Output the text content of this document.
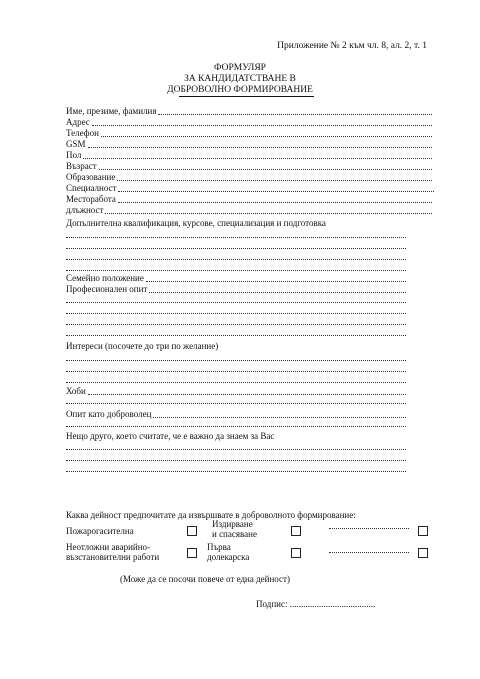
Приложение № 2 към чл. 8, ал. 2, т. 1
ФОРМУЛЯР
ЗА КАНДИДАТСТВАНЕ В
ДОБРОВОЛНО ФОРМИРОВАНИЕ
Име, презиме, фамилия
Адрес
Телефон
GSM
Пол
Възраст
Образование
Специалност
Месторабота
длъжност
Допълнителна квалификация, курсове, специализация и подготовка
Семейно положение
Професионален опит
Интереси (посочете до три по желание)
Хоби
Опит като доброволец
Нещо друго, което считате, че е важно да знаем за Вас
Каква дейност предпочитате да извършвате в доброволното формирование:
Пожарогасителна
Издирване
и спасяване
Неотложни аварийно-
възстановителни работи
Първа
долекарска
(Може да се посочи повече от една дейност)
Подпис: ......................................
